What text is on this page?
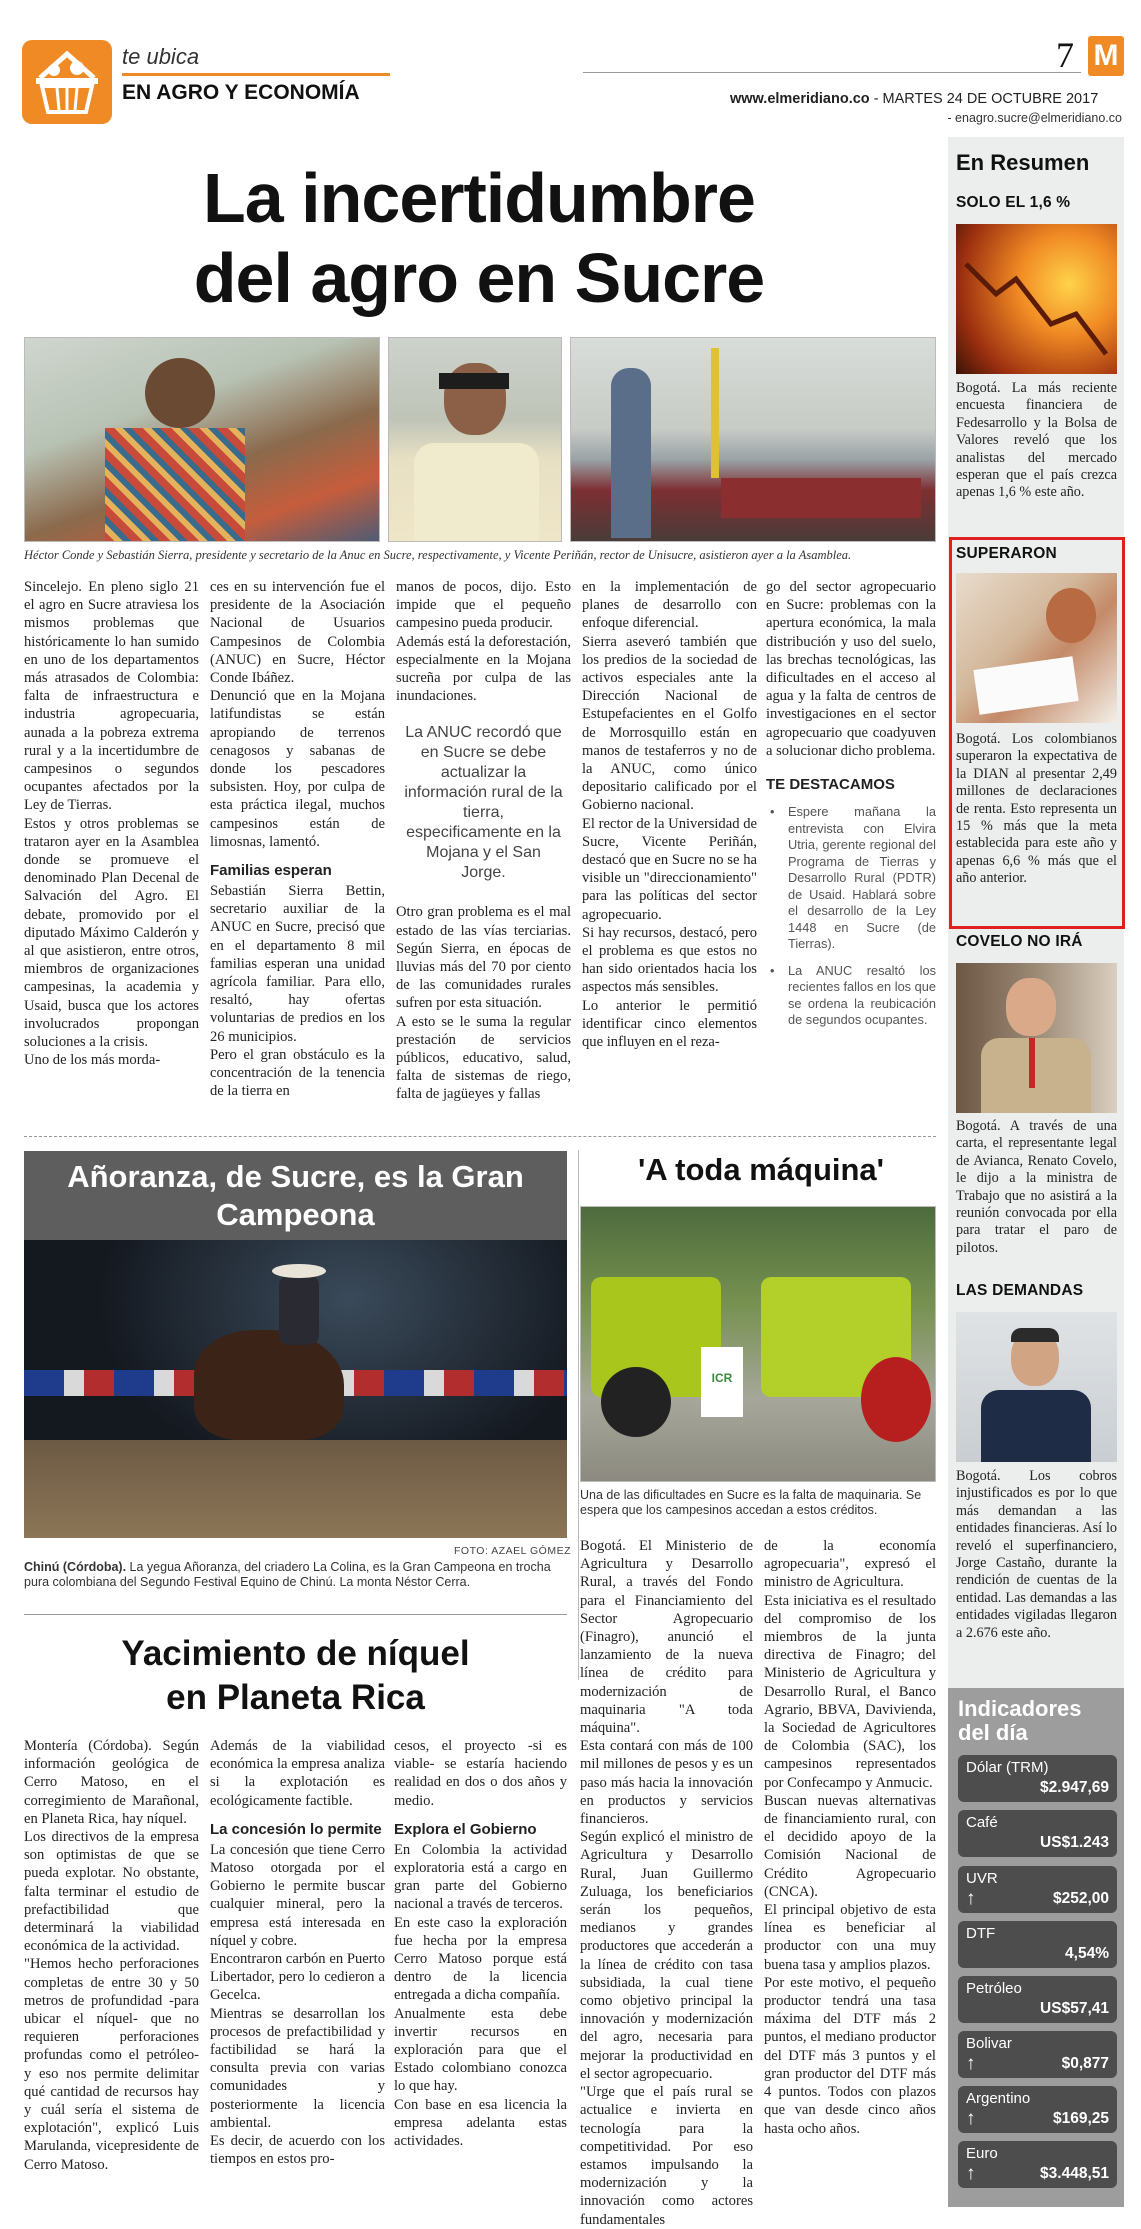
te ubica
EN AGRO Y ECONOMÍA
7 M
www.elmeridiano.co - MARTES 24 DE OCTUBRE 2017
- enagro.sucre@elmeridiano.co
La incertidumbre
del agro en Sucre
Héctor Conde y Sebastián Sierra, presidente y secretario de la Anuc en Sucre, respectivamente, y Vicente Periñán, rector de Unisucre, asistieron ayer a la Asamblea.

Sincelejo. En pleno siglo 21 el agro en Sucre atraviesa los mismos problemas que históricamente lo han sumido en uno de los departamentos más atrasados de Colombia: falta de infraestructura e industria agropecuaria, aunada a la pobreza extrema rural y a la incertidumbre de campesinos o segundos ocupantes afectados por la Ley de Tierras.
Estos y otros problemas se trataron ayer en la Asamblea donde se promueve el denominado Plan Decenal de Salvación del Agro. El debate, promovido por el diputado Máximo Calderón y al que asistieron, entre otros, miembros de organizaciones campesinas, la academia y Usaid, busca que los actores involucrados propongan soluciones a la crisis.
Uno de los más morda-

ces en su intervención fue el presidente de la Asociación Nacional de Usuarios Campesinos de Colombia (ANUC) en Sucre, Héctor Conde Ibáñez.
Denunció que en la Mojana latifundistas se están apropiando de terrenos cenagosos y sabanas de donde los pescadores subsisten. Hoy, por culpa de esta práctica ilegal, muchos campesinos están de limosnas, lamentó.

Familias esperan

Sebastián Sierra Bettin, secretario auxiliar de la ANUC en Sucre, precisó que en el departamento 8 mil familias esperan una unidad agrícola familiar. Para ello, resaltó, hay ofertas voluntarias de predios en los 26 municipios.
Pero el gran obstáculo es la concentración de la tenencia de la tierra en

manos de pocos, dijo. Esto impide que el pequeño campesino pueda producir.
Además está la deforestación, especialmente en la Mojana sucreña por culpa de las inundaciones.

La ANUC recordó que en Sucre se debe actualizar la información rural de la tierra, especificamente en la Mojana y el San Jorge.

Otro gran problema es el mal estado de las vías terciarias. Según Sierra, en épocas de lluvias más del 70 por ciento de las comunidades rurales sufren por esta situación.
A esto se le suma la regular prestación de servicios públicos, educativo, salud, falta de sistemas de riego, falta de jagüeyes y fallas

en la implementación de planes de desarrollo con enfoque diferencial.
Sierra aseveró también que los predios de la sociedad de activos especiales ante la Dirección Nacional de Estupefacientes en el Golfo de Morrosquillo están en manos de testaferros y no de la ANUC, como único depositario calificado por el Gobierno nacional.
El rector de la Universidad de Sucre, Vicente Periñán, destacó que en Sucre no se ha visible un "direccionamiento" para las políticas del sector agropecuario.
Si hay recursos, destacó, pero el problema es que estos no han sido orientados hacia los aspectos más sensibles.
Lo anterior le permitió identificar cinco elementos que influyen en el reza-

go del sector agropecuario en Sucre: problemas con la apertura económica, la mala distribución y uso del suelo, las brechas tecnológicas, las dificultades en el acceso al agua y la falta de centros de investigaciones en el sector agropecuario que coadyuven a solucionar dicho problema.

TE DESTACAMOS
• Espere mañana la entrevista con Elvira Utria, gerente regional del Programa de Tierras y Desarrollo Rural (PDTR) de Usaid. Hablará sobre el desarrollo de la Ley 1448 en Sucre (de Tierras).
• La ANUC resaltó los recientes fallos en los que se ordena la reubicación de segundos ocupantes.
Añoranza, de Sucre, es la Gran Campeona
FOTO: AZAEL GÓMEZ
Chinú (Córdoba). La yegua Añoranza, del criadero La Colina, es la Gran Campeona en trocha pura colombiana del Segundo Festival Equino de Chinú. La monta Néstor Cerra.
'A toda máquina'
ICR
Una de las dificultades en Sucre es la falta de maquinaria. Se espera que los campesinos accedan a estos créditos.

Bogotá. El Ministerio de Agricultura y Desarrollo Rural, a través del Fondo para el Financiamiento del Sector Agropecuario (Finagro), anunció el lanzamiento de la nueva línea de crédito para modernización de maquinaria "A toda máquina".
Esta contará con más de 100 mil millones de pesos y es un paso más hacia la innovación en productos y servicios financieros.
Según explicó el ministro de Agricultura y Desarrollo Rural, Juan Guillermo Zuluaga, los beneficiarios serán los pequeños, medianos y grandes productores que accederán a la línea de crédito con tasa subsidiada, la cual tiene como objetivo principal la innovación y modernización del agro, necesaria para mejorar la productividad en el sector agropecuario.
"Urge que el país rural se actualice e invierta en tecnología para la competitividad. Por eso estamos impulsando la modernización y la innovación como actores fundamentales

de la economía agropecuaria", expresó el ministro de Agricultura.
Esta iniciativa es el resultado del compromiso de los miembros de la junta directiva de Finagro; del Ministerio de Agricultura y Desarrollo Rural, el Banco Agrario, BBVA, Davivienda, la Sociedad de Agricultores de Colombia (SAC), los campesinos representados por Confecampo y Anmucic.
Buscan nuevas alternativas de financiamiento rural, con el decidido apoyo de la Comisión Nacional de Crédito Agropecuario (CNCA).
El principal objetivo de esta línea es beneficiar al productor con una muy buena tasa y amplios plazos.
Por este motivo, el pequeño productor tendrá una tasa máxima del DTF más 2 puntos, el mediano productor del DTF más 3 puntos y el gran productor del DTF más 4 puntos. Todos con plazos que van desde cinco años hasta ocho años.

Yacimiento de níquel
en Planeta Rica

Montería (Córdoba). Según información geológica de Cerro Matoso, en el corregimiento de Marañonal, en Planeta Rica, hay níquel.
Los directivos de la empresa son optimistas de que se pueda explotar. No obstante, falta terminar el estudio de prefactibilidad que determinará la viabilidad económica de la actividad.
"Hemos hecho perforaciones completas de entre 30 y 50 metros de profundidad -para ubicar el níquel- que no requieren perforaciones profundas como el petróleo- y eso nos permite delimitar qué cantidad de recursos hay y cuál sería el sistema de explotación", explicó Luis Marulanda, vicepresidente de Cerro Matoso.

Además de la viabilidad económica la empresa analiza si la explotación es ecológicamente factible.

La concesión lo permite

La concesión que tiene Cerro Matoso otorgada por el Gobierno le permite buscar cualquier mineral, pero la empresa está interesada en níquel y cobre.
Encontraron carbón en Puerto Libertador, pero lo cedieron a Gecelca.
Mientras se desarrollan los procesos de prefactibilidad y factibilidad se hará la consulta previa con varias comunidades y posteriormente la licencia ambiental.
Es decir, de acuerdo con los tiempos en estos pro-

cesos, el proyecto -si es viable- se estaría haciendo realidad en dos o dos años y medio.

Explora el Gobierno

En Colombia la actividad exploratoria está a cargo en gran parte del Gobierno nacional a través de terceros.
En este caso la exploración fue hecha por la empresa Cerro Matoso porque está dentro de la licencia entregada a dicha compañía.
Anualmente esta debe invertir recursos en exploración para que el Estado colombiano conozca lo que hay.
Con base en esa licencia la empresa adelanta estas actividades.

En Resumen
SOLO EL 1,6 %
Bogotá. La más reciente encuesta financiera de Fedesarrollo y la Bolsa de Valores reveló que los analistas del mercado esperan que el país crezca apenas 1,6 % este año.
SUPERARON
Bogotá. Los colombianos superaron la expectativa de la DIAN al presentar 2,49 millones de declaraciones de renta. Esto representa un 15 % más que la meta establecida para este año y apenas 6,6 % más que el año anterior.
COVELO NO IRÁ
Bogotá. A través de una carta, el representante legal de Avianca, Renato Covelo, le dijo a la ministra de Trabajo que no asistirá a la reunión convocada por ella para tratar el paro de pilotos.
LAS DEMANDAS
Bogotá. Los cobros injustificados es por lo que más demandan a las entidades financieras. Así lo reveló el superfinanciero, Jorge Castaño, durante la rendición de cuentas de la entidad. Las demandas a las entidades vigiladas llegaron a 2.676 este año.
Indicadores
del día
Dólar (TRM)
$2.947,69
Café
US$1.243
UVR
↑	$252,00
DTF
4,54%
Petróleo
US$57,41
Bolivar
↑	$0,877
Argentino
↑	$169,25
Euro
↑	$3.448,51
